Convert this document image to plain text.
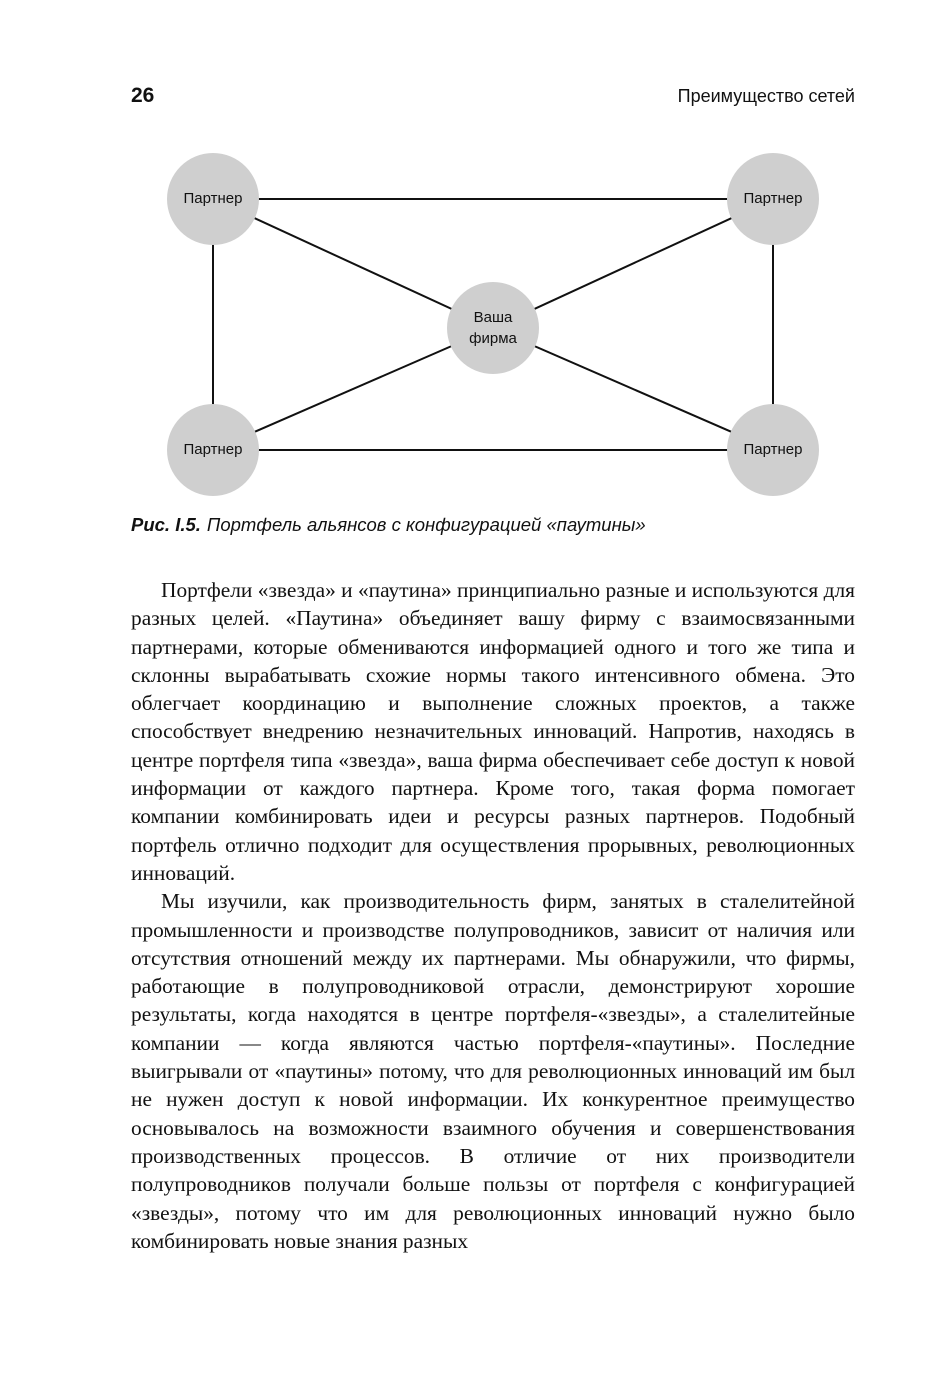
26	Преимущество сетей
Партнер	Партнер
Партнер	Партнер
Ваша
фирма

Рис. I.5. Портфель альянсов с конфигурацией «паутины»

Портфели «звезда» и «паутина» принципиально разные и используются для разных целей. «Паутина» объединяет вашу фирму с взаимосвязанными партнерами, которые обмениваются информацией одного и того же типа и склонны вырабатывать схожие нормы такого интенсивного обмена. Это облегчает координацию и выполнение сложных проектов, а также способствует внедрению незначительных инноваций. Напротив, находясь в центре портфеля типа «звезда», ваша фирма обеспечивает себе доступ к новой информации от каждого партнера. Кроме того, такая форма помогает компании комбинировать идеи и ресурсы разных партнеров. Подобный портфель отлично подходит для осуществления прорывных, революционных инноваций.

Мы изучили, как производительность фирм, занятых в сталелитейной промышленности и производстве полупроводников, зависит от наличия или отсутствия отношений между их партнерами. Мы обнаружили, что фирмы, работающие в полупроводниковой отрасли, демонстрируют хорошие результаты, когда находятся в центре портфеля-«звезды», а сталелитейные компании — когда являются частью портфеля-«паутины». Последние выигрывали от «паутины» потому, что для революционных инноваций им был не нужен доступ к новой информации. Их конкурентное преимущество основывалось на возможности взаимного обучения и совершенствования производственных процессов. В отличие от них производители полупроводников получали больше пользы от портфеля с конфигурацией «звезды», потому что им для революционных инноваций нужно было комбинировать новые знания разных
